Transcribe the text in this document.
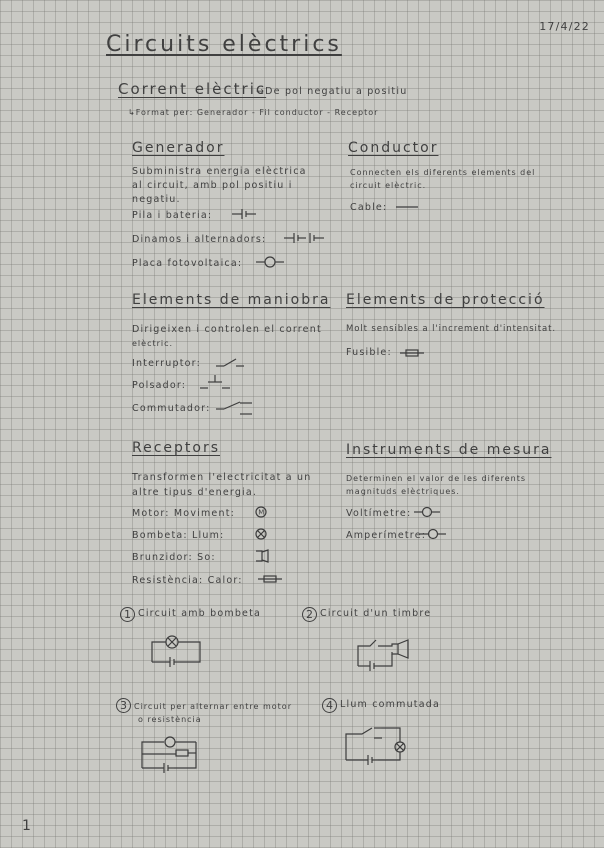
17/4/22
Circuits elèctrics
Corrent elèctric
→De pol negatiu a positiu
↳Format per: Generador - Fil conductor - Receptor
Generador
Subministra energia elèctrica
al circuit, amb pol positiu i
negatiu.
Pila i bateria:
Dinamos i alternadors:
Placa fotovoltaica:
Conductor
Connecten els diferents elements del
circuit elèctric.
Cable:
Elements de maniobra
Dirigeixen i controlen el corrent
elèctric.
Interruptor:
Polsador:
Commutador:
Elements de protecció
Molt sensibles a l'increment d'intensitat.
Fusible:
Receptors
Transformen l'electricitat a un
altre tipus d'energia.
Motor: Moviment:
Bombeta: Llum:
Brunzidor: So:
Resistència: Calor:
M
Instruments de mesura
Determinen el valor de les diferents
magnituds elèctriques.
Voltímetre:
Amperímetre:
1 Circuit amb bombeta	2 Circuit d'un timbre
3 Circuit per alternar entre motor
o resistència
4 Llum commutada
1
